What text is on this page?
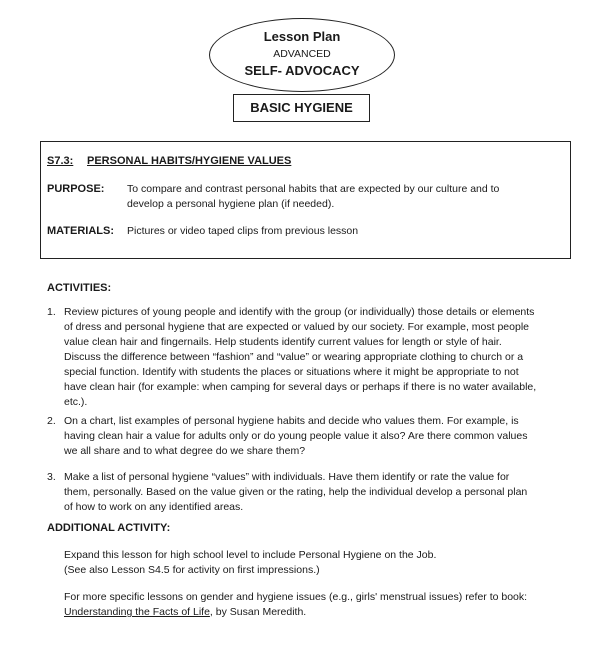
Lesson Plan
ADVANCED
SELF- ADVOCACY
BASIC HYGIENE
S7.3: PERSONAL HABITS/HYGIENE VALUES
PURPOSE: To compare and contrast personal habits that are expected by our culture and to
develop a personal hygiene plan (if needed).
MATERIALS: Pictures or video taped clips from previous lesson
ACTIVITIES:
1. Review pictures of young people and identify with the group (or individually) those details or elements
of dress and personal hygiene that are expected or valued by our society. For example, most people
value clean hair and fingernails. Help students identify current values for length or style of hair.
Discuss the difference between “fashion” and “value” or wearing appropriate clothing to church or a
special function. Identify with students the places or situations where it might be appropriate to not
have clean hair (for example: when camping for several days or perhaps if there is no water available,
etc.).
2. On a chart, list examples of personal hygiene habits and decide who values them. For example, is
having clean hair a value for adults only or do young people value it also? Are there common values
we all share and to what degree do we share them?
3. Make a list of personal hygiene “values” with individuals. Have them identify or rate the value for
them, personally. Based on the value given or the rating, help the individual develop a personal plan
of how to work on any identified areas.
ADDITIONAL ACTIVITY:
Expand this lesson for high school level to include Personal Hygiene on the Job.
(See also Lesson S4.5 for activity on first impressions.)
For more specific lessons on gender and hygiene issues (e.g., girls' menstrual issues) refer to book:
Understanding the Facts of Life, by Susan Meredith.
